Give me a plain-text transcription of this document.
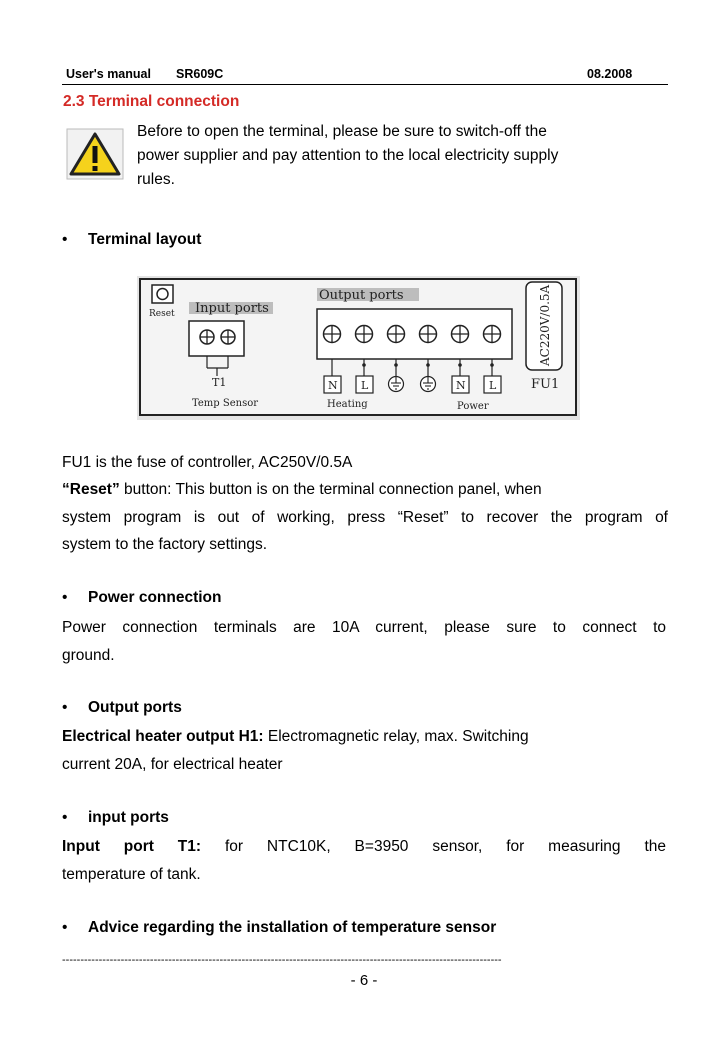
User's manual SR609C	08.2008
2.3 Terminal connection
Before to open the terminal, please be sure to switch-off the
power supplier and pay attention to the local electricity supply
rules.
• Terminal layout
Reset Input ports
T1
Temp Sensor
Output ports
N L	N L
Heating	Power
AC220V/0.5A
FU1
FU1 is the fuse of controller, AC250V/0.5A
“Reset” button: This button is on the terminal connection panel, when
system program is out of working, press “Reset” to recover the program of
system to the factory settings.
• Power connection
Power connection terminals are 10A current, please sure to connect to
ground.
• Output ports
Electrical heater output H1: Electromagnetic relay, max. Switching
current 20A, for electrical heater
• input ports
Input port T1: for NTC10K, B=3950 sensor, for measuring the
temperature of tank.
• Advice regarding the installation of temperature sensor
------------------------------------------------------------------------------------------------------------------------
- 6 -
